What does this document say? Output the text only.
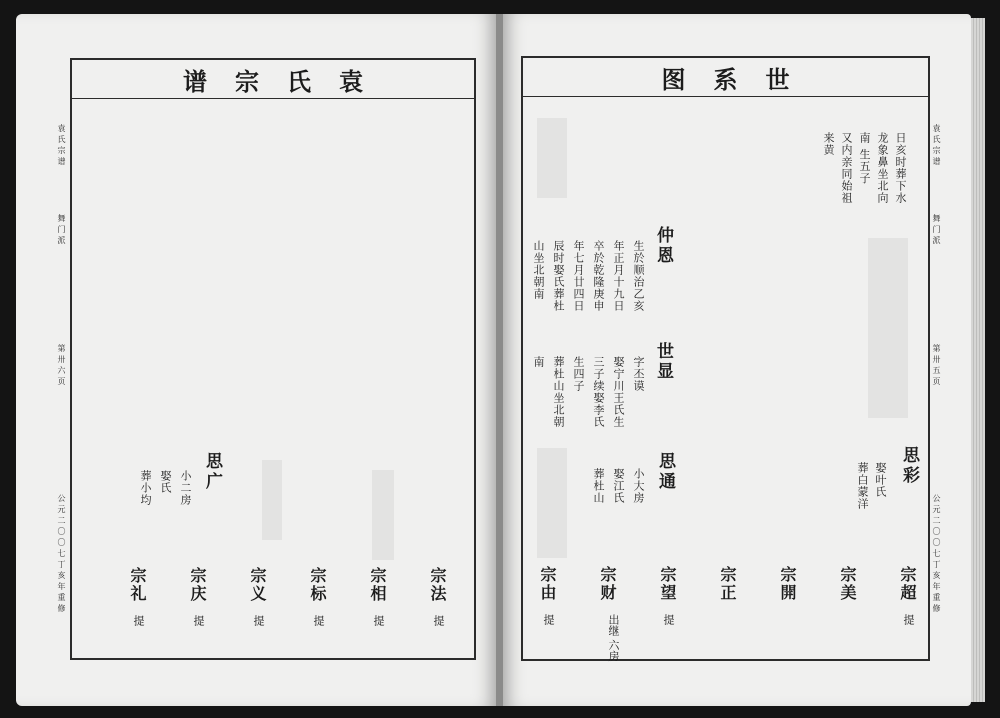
袁氏宗谱
舞门派
第卅六页
公元二〇〇七丁亥年重修
谱宗氏袁
思广
小二房
娶氏
葬小均
宗法
提
宗相
提
宗标
提
宗义
提
宗庆
提
宗礼
提
图系世
日亥时葬下水
龙象鼻坐北向
南 生五子
又内亲同始祖
来黄
仲恩
生於顺治乙亥
年正月十九日
卒於乾隆庚申
年七月廿四日
辰时娶氏葬杜
山坐北朝南
世显
字丕谟
娶宁川王氏生
三子续娶李氏
生四子
葬杜山坐北朝
南
思通
小大房
娶江氏
葬杜山	思彩
娶叶氏
葬白蒙洋
宗超
提
宗美
宗開
宗正
宗望
提
宗财
出继 六房
宗由
提
袁氏宗谱
舞门派
第卅五页
公元二〇〇七丁亥年重修
